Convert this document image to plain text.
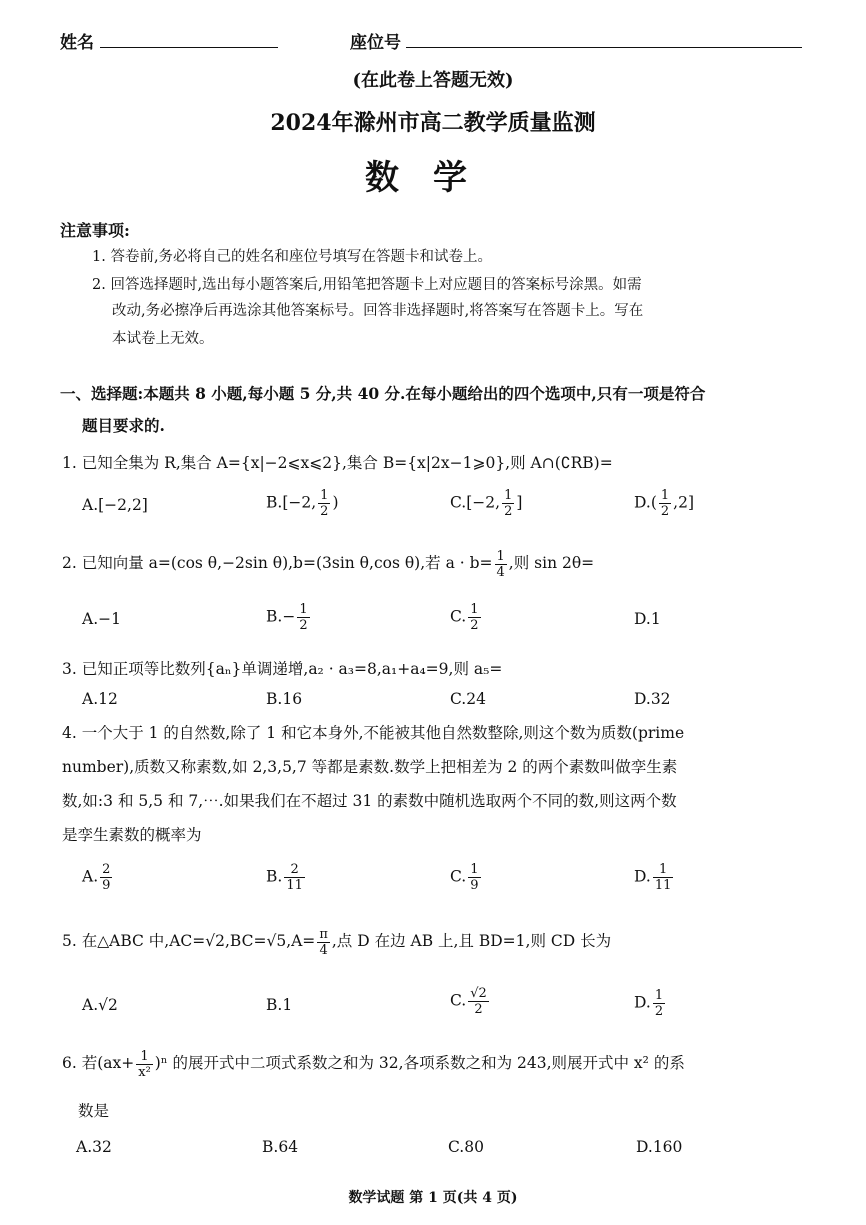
姓名	座位号
(在此卷上答题无效)
2024年滁州市高二教学质量监测
数学
注意事项:
1. 答卷前,务必将自己的姓名和座位号填写在答题卡和试卷上。
2. 回答选择题时,选出每小题答案后,用铅笔把答题卡上对应题目的答案标号涂黑。如需
改动,务必擦净后再选涂其他答案标号。回答非选择题时,将答案写在答题卡上。写在
本试卷上无效。
一、选择题:本题共 8 小题,每小题 5 分,共 40 分.在每小题给出的四个选项中,只有一项是符合
题目要求的.
1. 已知全集为 R,集合 A={x|−2⩽x⩽2},集合 B={x|2x−1⩾0},则 A∩(∁RB)=
A.[−2,2]	B.[−2, $\frac{1}{2}$ )	C.[−2, $\frac{1}{2}$ ]	$D.( \frac{1}{2} ,2]$
2. 已知向量 a=(cos θ,−2sin θ),b=(3sin θ,cos θ),若 $a \cdot b= \frac{1}{4}$ ,则 sin 2θ=
A.−1	$B.- \frac{1}{2}$	C. $\frac{1}{2}$	D.1
3. 已知正项等比数列{aₙ}单调递增,a₂ · a₃=8,a₁+a₄=9,则 a₅=
A.12	B.16	C.24	D.32
4. 一个大于 1 的自然数,除了 1 和它本身外,不能被其他自然数整除,则这个数为质数(prime
number),质数又称素数,如 2,3,5,7 等都是素数.数学上把相差为 2 的两个素数叫做孪生素
数,如:3 和 5,5 和 7,⋯.如果我们在不超过 31 的素数中随机选取两个不同的数,则这两个数
是孪生素数的概率为
A. $\frac{2}{9}$	B. $\frac{2}{11}$	C. $\frac{1}{9}$	D. $\frac{1}{11}$
5. 在△ABC 中$,AC=√2,BC=√5,A= \frac{\pi}{4}$ ,点 D 在边 AB 上,且 BD=1,则 CD 长为
A.√2	B.1	C. $\frac{√2}{2}$	D. $\frac{1}{2}$
6. 若$(ax+ \frac{1}{\text{x²}} )^n$ 的展开式中二项式系数之和为 32,各项系数之和为 243,则展开式中 x² 的系
数是
A.32	B.64	C.80	D.160
数学试题 第 1 页(共 4 页)
